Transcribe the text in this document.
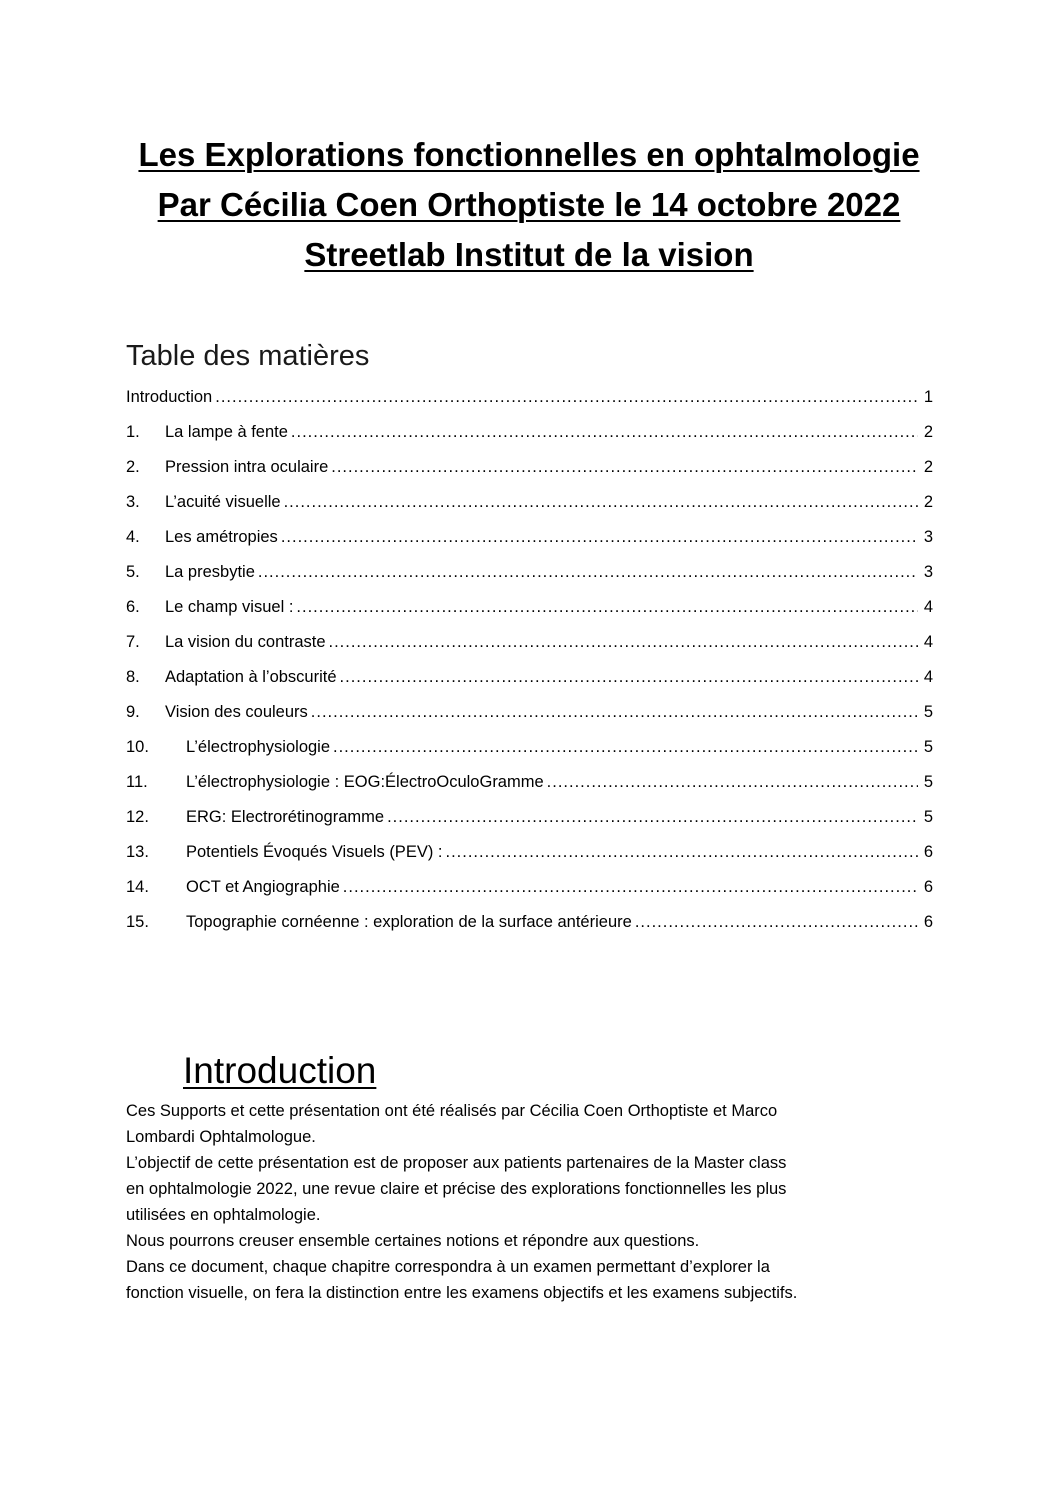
Les Explorations fonctionnelles en ophtalmologie
Par Cécilia Coen Orthoptiste le 14 octobre 2022
Streetlab Institut de la vision
Table des matières
Introduction .....	1
1.	La lampe à fente .....	2
2.	Pression intra oculaire .....	2
3.	L’acuité visuelle .....	2
4.	Les amétropies .....	3
5.	La presbytie .....	3
6.	Le champ visuel : .....	4
7.	La vision du contraste .....	4
8.	Adaptation à l’obscurité .....	4
9.	Vision des couleurs .....	5
10.	L’électrophysiologie .....	5
11.	L’électrophysiologie : EOG:ÉlectroOculoGramme .....	5
12.	ERG: Electrorétinogramme .....	5
13.	Potentiels Évoqués Visuels (PEV) : .....	6
14.	OCT et Angiographie .....	6
15.	Topographie cornéenne : exploration de la surface antérieure .....	6
Introduction

Ces Supports et cette présentation ont été réalisés par Cécilia Coen Orthoptiste et Marco

Lombardi Ophtalmologue.

L’objectif de cette présentation est de proposer aux patients partenaires de la Master class

en ophtalmologie 2022, une revue claire et précise des explorations fonctionnelles les plus

utilisées en ophtalmologie.

Nous pourrons creuser ensemble certaines notions et répondre aux questions.

Dans ce document, chaque chapitre correspondra à un examen permettant d’explorer la

fonction visuelle, on fera la distinction entre les examens objectifs et les examens subjectifs.
